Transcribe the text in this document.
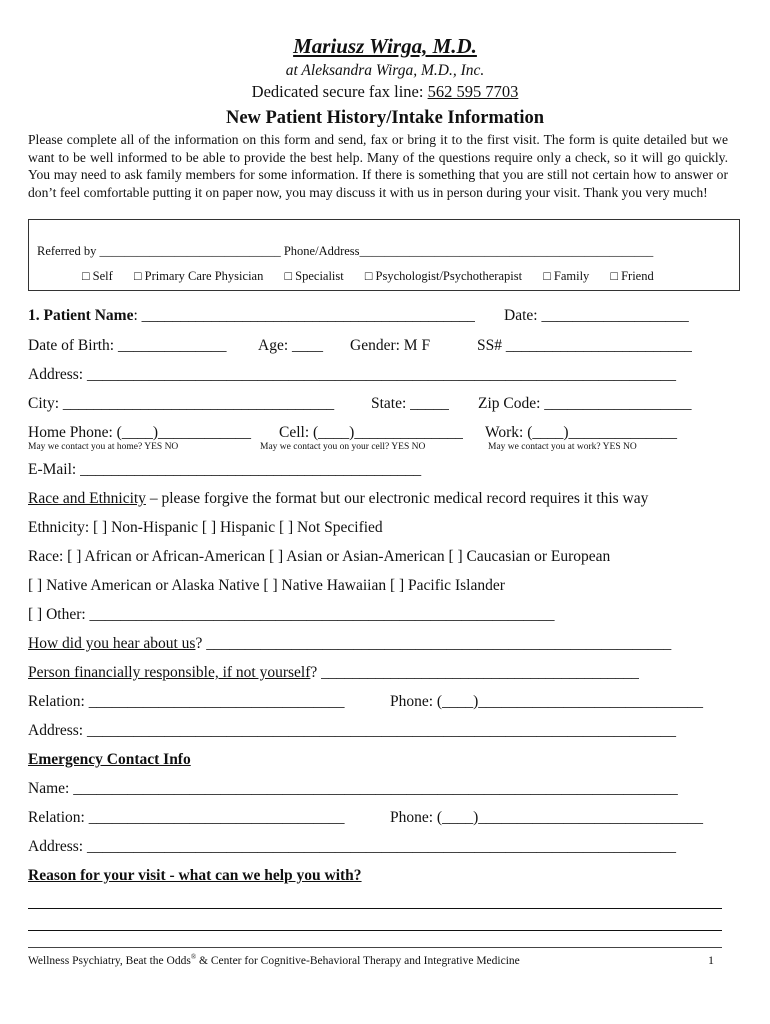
Mariusz Wirga, M.D.
at Aleksandra Wirga, M.D., Inc.
Dedicated secure fax line: 562 595 7703
New Patient History/Intake Information
Please complete all of the information on this form and send, fax or bring it to the first visit. The form is quite detailed but we want to be well informed to be able to provide the best help. Many of the questions require only a check, so it will go quickly. You may need to ask family members for some information. If there is something that you are still not certain how to answer or don’t feel comfortable putting it on paper now, you may discuss it with us in person during your visit. Thank you very much!
Referred by _____________________________ Phone/Address_______________________________________________
□ Self □ Primary Care Physician □ Specialist □ Psychologist/Psychotherapist □ Family □ Friend
1. Patient Name: ___________________________________________ Date: ___________________
Date of Birth: ______________ Age: ____ Gender: M F	SS# ________________________
Address: ____________________________________________________________________________
City: ___________________________________ State: _____ Zip Code: ___________________
Home Phone: (____)____________ Cell: (____)______________ Work: (____)______________
May we contact you at home? YES NO	May we contact you on your cell? YES NO	May we contact you at work? YES NO
E-Mail: ____________________________________________
Race and Ethnicity – please forgive the format but our electronic medical record requires it this way
Ethnicity: [ ] Non-Hispanic [ ] Hispanic [ ] Not Specified
Race: [ ] African or African-American [ ] Asian or Asian-American [ ] Caucasian or European
[ ] Native American or Alaska Native [ ] Native Hawaiian [ ] Pacific Islander
[ ] Other: ____________________________________________________________
How did you hear about us? ____________________________________________________________
Person financially responsible, if not yourself? _________________________________________
Relation: _________________________________	Phone: (____)_____________________________
Address: ____________________________________________________________________________
Emergency Contact Info
Name: ______________________________________________________________________________
Relation: _________________________________	Phone: (____)_____________________________
Address: ____________________________________________________________________________
Reason for your visit - what can we help you with?
Wellness Psychiatry, Beat the Odds® & Center for Cognitive-Behavioral Therapy and Integrative Medicine	1
